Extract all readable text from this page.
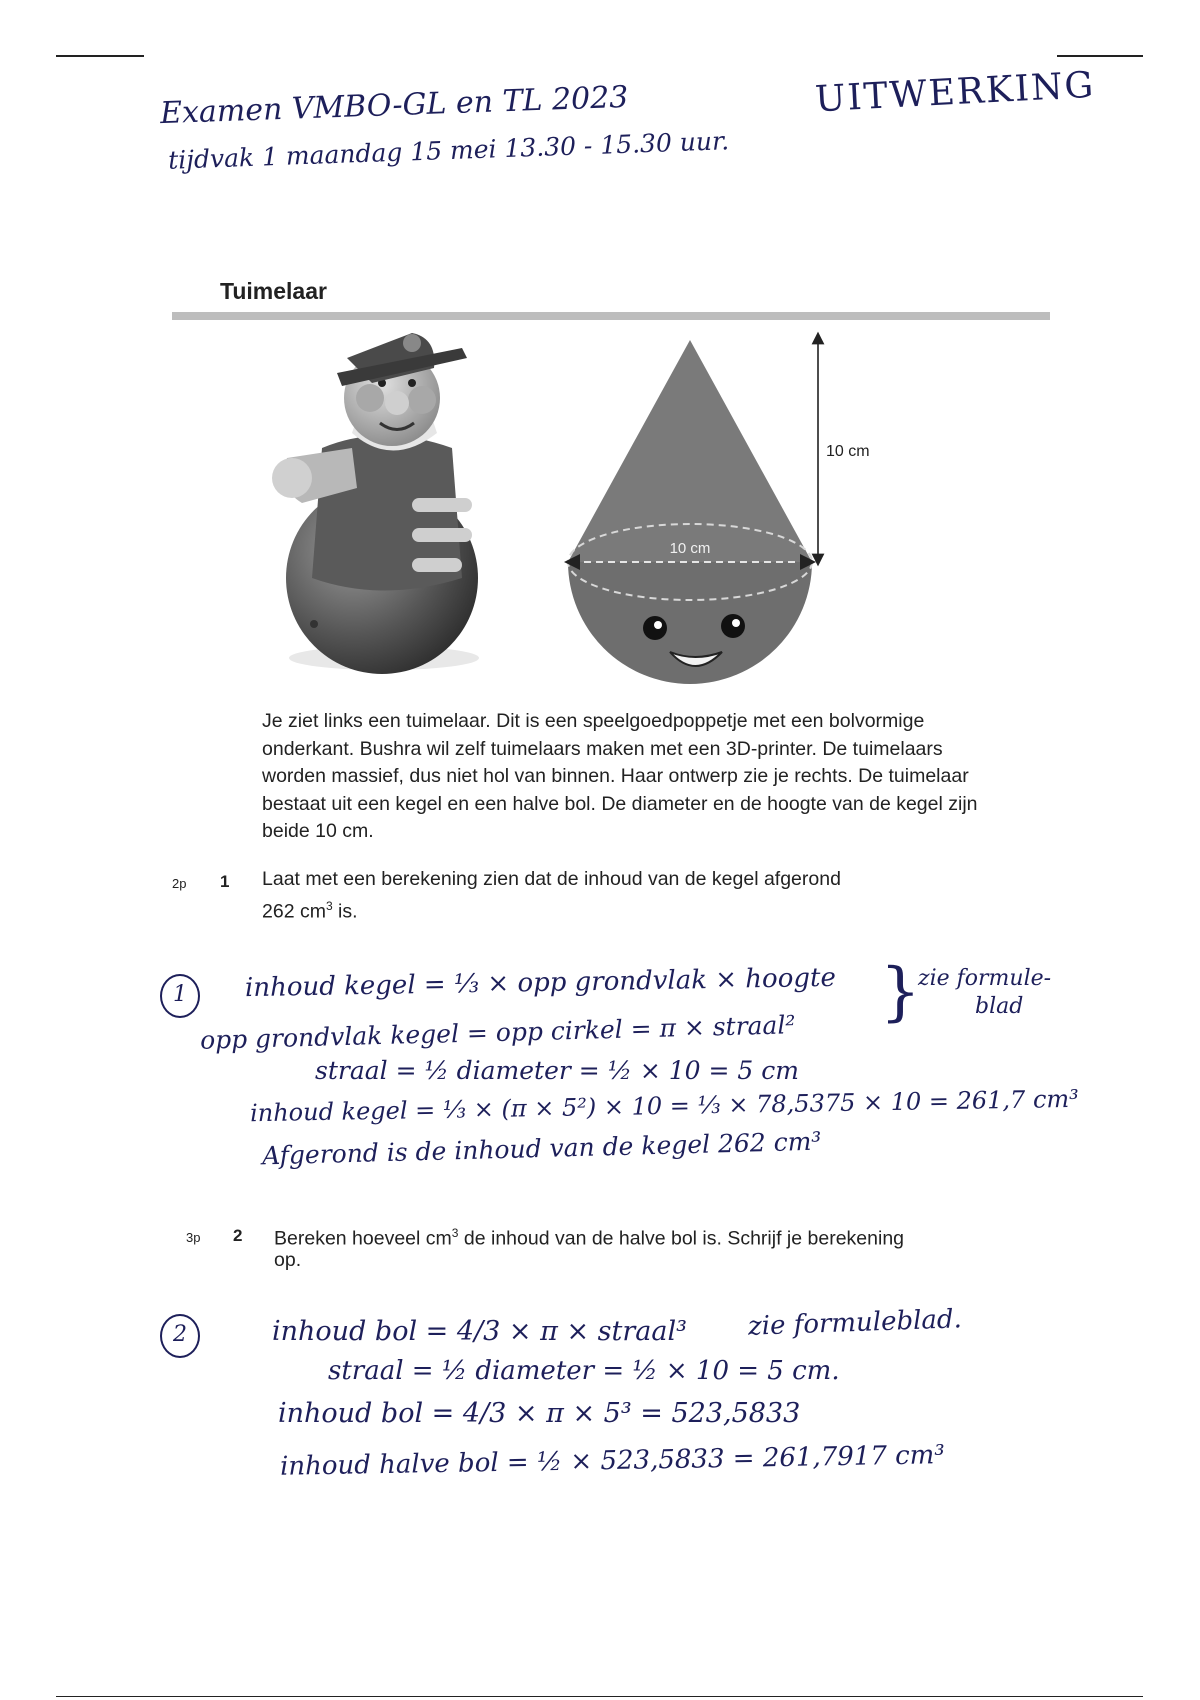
Examen VMBO-GL en TL 2023
tijdvak 1 maandag 15 mei 13.30 - 15.30 uur.
UITWERKING
Tuimelaar
10 cm
10 cm
Je ziet links een tuimelaar. Dit is een speelgoedpoppetje met een bolvormige onderkant. Bushra wil zelf tuimelaars maken met een 3D-printer. De tuimelaars worden massief, dus niet hol van binnen. Haar ontwerp zie je rechts. De tuimelaar bestaat uit een kegel en een halve bol. De diameter en de hoogte van de kegel zijn beide 10 cm.
2p 1 Laat met een berekening zien dat de inhoud van de kegel afgerond
262 $cm^3$ is.
1	inhoud kegel = ⅓ × opp grondvlak × hoogte }
zie formule-
blad
opp grondvlak kegel = opp cirkel = π × straal²
straal = ½ diameter = ½ × 10 = 5 cm
inhoud kegel = ⅓ × (π × 5²) × 10 = ⅓ × 78,5375 × 10 = 261,7 cm³
Afgerond is de inhoud van de kegel 262 cm³
3p 2 Bereken hoeveel $cm^3$ de inhoud van de halve bol is. Schrijf je berekening
op.
2	inhoud bol = 4/3 × π × straal³ zie formuleblad.
straal = ½ diameter = ½ × 10 = 5 cm.
inhoud bol = 4/3 × π × 5³ = 523,5833
inhoud halve bol = ½ × 523,5833 = 261,7917 cm³
